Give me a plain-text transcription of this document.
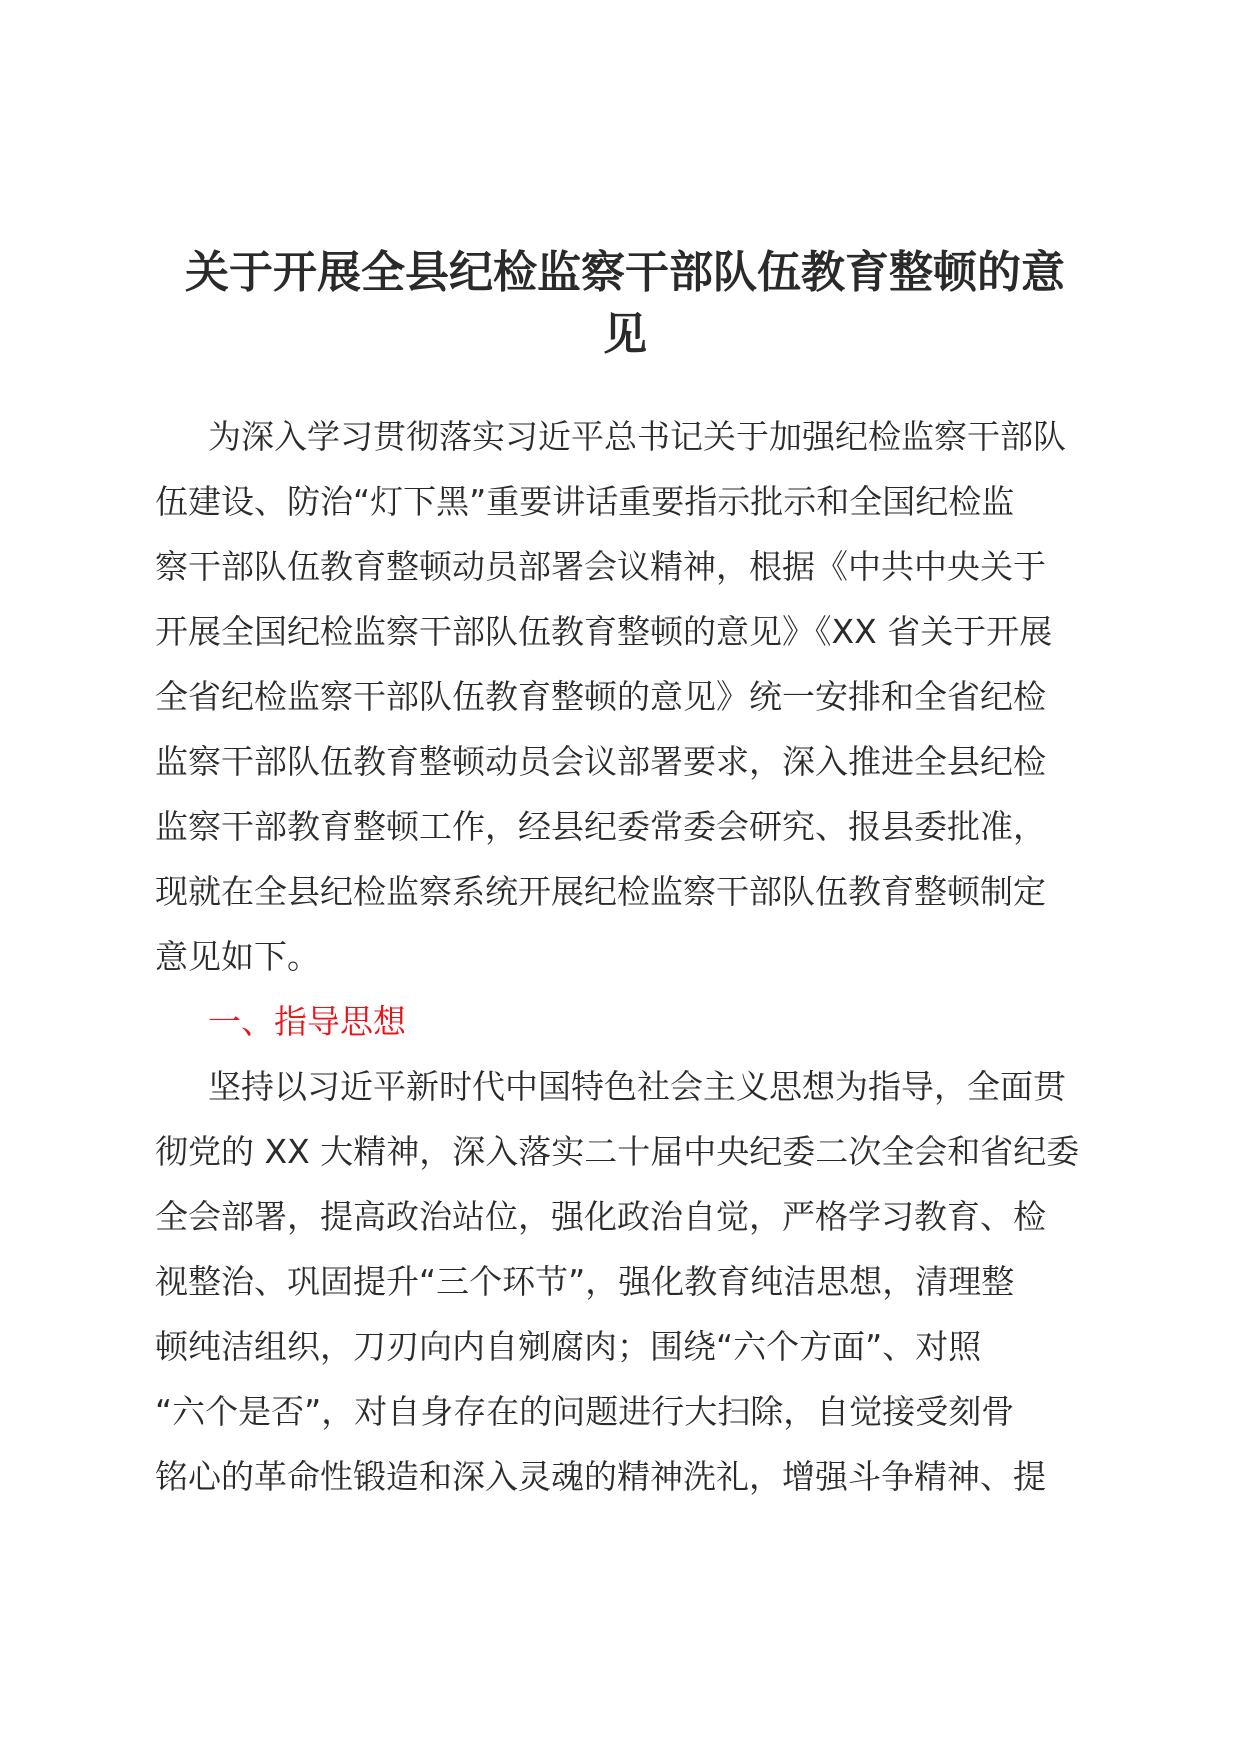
关于开展全县纪检监察干部队伍教育整顿的意
见
为深入学习贯彻落实习近平总书记关于加强纪检监察干部队
伍建设、防治“灯下黑”重要讲话重要指示批示和全国纪检监
察干部队伍教育整顿动员部署会议精神，根据《中共中央关于
开展全国纪检监察干部队伍教育整顿的意见》《XX 省关于开展
全省纪检监察干部队伍教育整顿的意见》统一安排和全省纪检
监察干部队伍教育整顿动员会议部署要求，深入推进全县纪检
监察干部教育整顿工作，经县纪委常委会研究、报县委批准，
现就在全县纪检监察系统开展纪检监察干部队伍教育整顿制定
意见如下。
一、指导思想
坚持以习近平新时代中国特色社会主义思想为指导，全面贯
彻党的 XX 大精神，深入落实二十届中央纪委二次全会和省纪委
全会部署，提高政治站位，强化政治自觉，严格学习教育、检
视整治、巩固提升“三个环节”，强化教育纯洁思想，清理整
顿纯洁组织，刀刃向内自剜腐肉；围绕“六个方面”、对照
“六个是否”，对自身存在的问题进行大扫除，自觉接受刻骨
铭心的革命性锻造和深入灵魂的精神洗礼，增强斗争精神、提
